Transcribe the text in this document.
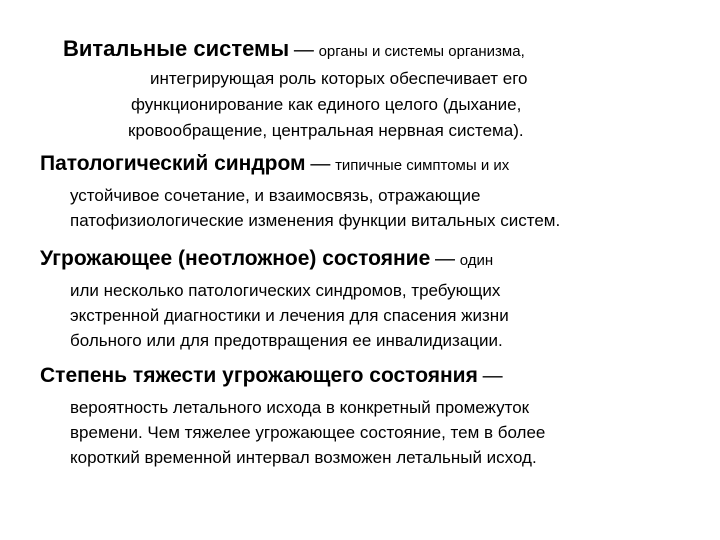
Витальные системы — органы и системы организма,
интегрирующая роль которых обеспечивает его
функционирование как единого целого (дыхание,
кровообращение, центральная нервная система).
Патологический синдром — типичные симптомы и их
устойчивое сочетание, и взаимосвязь, отражающие
патофизиологические изменения функции витальных систем.
Угрожающее (неотложное) состояние — один
или несколько патологических синдромов, требующих
экстренной диагностики и лечения для спасения жизни
больного или для предотвращения ее инвалидизации.
Степень тяжести угрожающего состояния —
вероятность летального исхода в конкретный промежуток
времени. Чем тяжелее угрожающее состояние, тем в более
короткий временной интервал возможен летальный исход.
